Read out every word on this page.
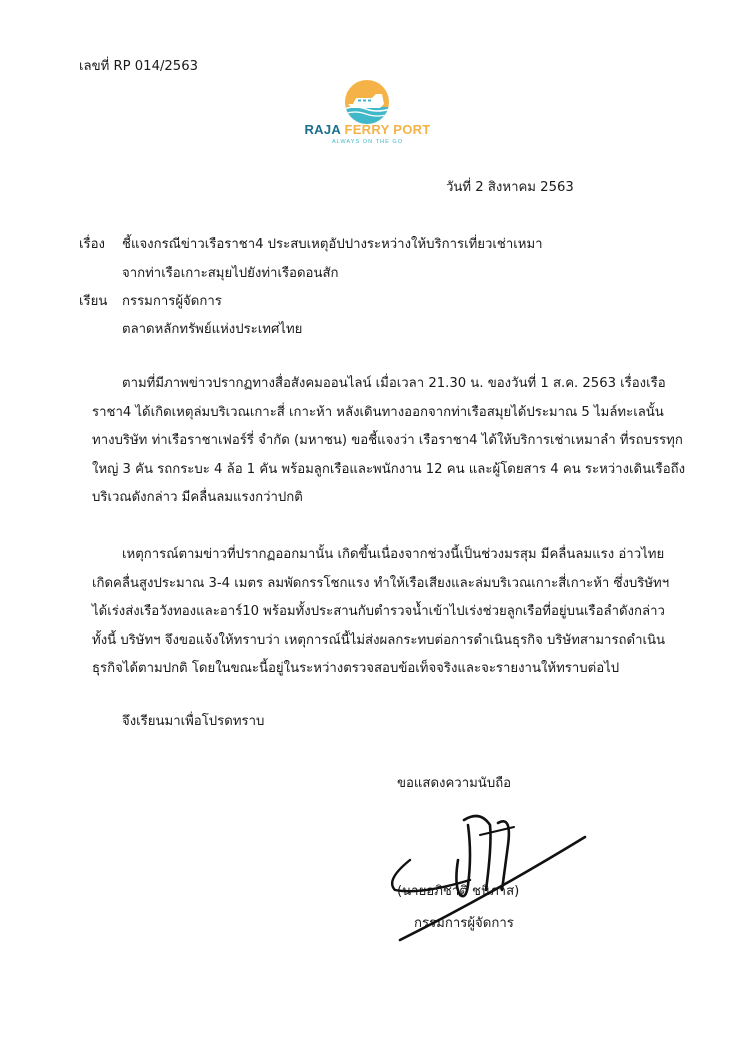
เลขที่ RP 014/2563
RAJA FERRY PORT
ALWAYS ON THE GO
วันที่ 2 สิงหาคม 2563
เรื่อง ชี้แจงกรณีข่าวเรือราชา4 ประสบเหตุอัปปางระหว่างให้บริการเที่ยวเช่าเหมา
จากท่าเรือเกาะสมุยไปยังท่าเรือดอนสัก
เรียน กรรมการผู้จัดการ
ตลาดหลักทรัพย์แห่งประเทศไทย
ตามที่มีภาพข่าวปรากฏทางสื่อสังคมออนไลน์ เมื่อเวลา 21.30 น. ของวันที่ 1 ส.ค. 2563 เรื่องเรือ
ราชา4 ได้เกิดเหตุล่มบริเวณเกาะสี่ เกาะห้า หลังเดินทางออกจากท่าเรือสมุยได้ประมาณ 5 ไมล์ทะเลนั้น
ทางบริษัท ท่าเรือราชาเฟอร์รี่ จำกัด (มหาชน) ขอชี้แจงว่า เรือราชา4 ได้ให้บริการเช่าเหมาลำ ที่รถบรรทุก
ใหญ่ 3 คัน รถกระบะ 4 ล้อ 1 คัน พร้อมลูกเรือและพนักงาน 12 คน และผู้โดยสาร 4 คน ระหว่างเดินเรือถึง
บริเวณดังกล่าว มีคลื่นลมแรงกว่าปกติ
เหตุการณ์ตามข่าวที่ปรากฏออกมานั้น เกิดขึ้นเนื่องจากช่วงนี้เป็นช่วงมรสุม มีคลื่นลมแรง อ่าวไทย
เกิดคลื่นสูงประมาณ 3-4 เมตร ลมพัดกรรโชกแรง ทำให้เรือเสียงและล่มบริเวณเกาะสี่เกาะห้า ซึ่งบริษัทฯ
ได้เร่งส่งเรือวังทองและอาร์10 พร้อมทั้งประสานกับตำรวจน้ำเข้าไปเร่งช่วยลูกเรือที่อยู่บนเรือลำดังกล่าว
ทั้งนี้ บริษัทฯ จึงขอแจ้งให้ทราบว่า เหตุการณ์นี้ไม่ส่งผลกระทบต่อการดำเนินธุรกิจ บริษัทสามารถดำเนิน
ธุรกิจได้ตามปกติ โดยในขณะนี้อยู่ในระหว่างตรวจสอบข้อเท็จจริงและจะรายงานให้ทราบต่อไป
จึงเรียนมาเพื่อโปรดทราบ
ขอแสดงความนับถือ
(นายอภิชาติ ชนิภาส)
กรรมการผู้จัดการ
